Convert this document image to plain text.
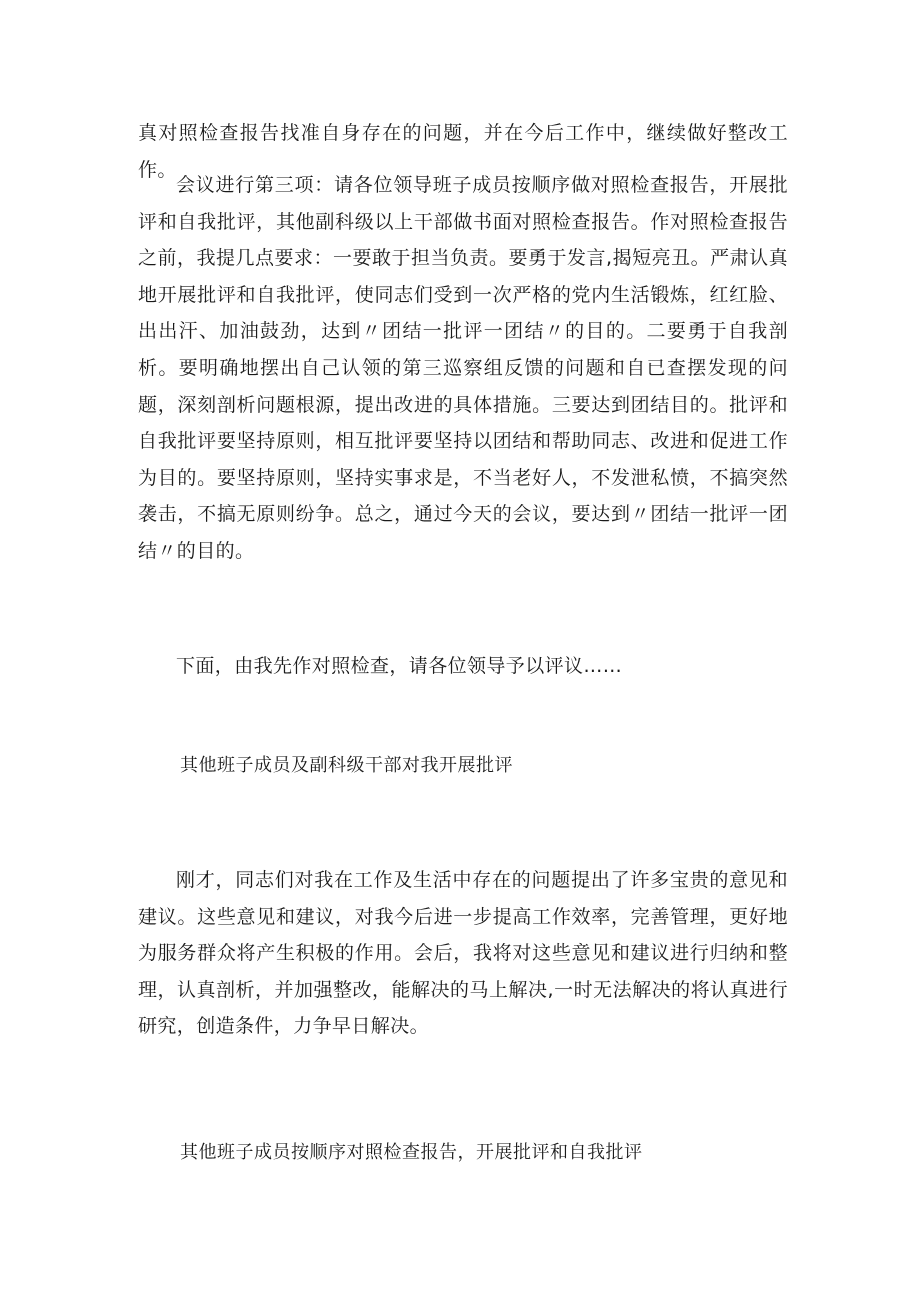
真对照检查报告找准自身存在的问题，并在今后工作中，继续做好整改工作。

会议进行第三项：请各位领导班子成员按顺序做对照检查报告，开展批评和自我批评，其他副科级以上干部做书面对照检查报告。作对照检查报告之前，我提几点要求：一要敢于担当负责。要勇于发言,揭短亮丑。严肃认真地开展批评和自我批评，使同志们受到一次严格的党内生活锻炼，红红脸、出出汗、加油鼓劲，达到〃团结一批评一团结〃的目的。二要勇于自我剖析。要明确地摆出自己认领的第三巡察组反馈的问题和自已查摆发现的问题，深刻剖析问题根源，提出改进的具体措施。三要达到团结目的。批评和自我批评要坚持原则，相互批评要坚持以团结和帮助同志、改进和促进工作为目的。要坚持原则，坚持实事求是，不当老好人，不发泄私愤，不搞突然袭击，不搞无原则纷争。总之，通过今天的会议，要达到〃团结一批评一团结〃的目的。

下面，由我先作对照检查，请各位领导予以评议……

其他班子成员及副科级干部对我开展批评

刚才，同志们对我在工作及生活中存在的问题提出了许多宝贵的意见和建议。这些意见和建议，对我今后进一步提高工作效率，完善管理，更好地为服务群众将产生积极的作用。会后，我将对这些意见和建议进行归纳和整理，认真剖析，并加强整改，能解决的马上解决,一时无法解决的将认真进行研究，创造条件，力争早日解决。

其他班子成员按顺序对照检查报告，开展批评和自我批评
